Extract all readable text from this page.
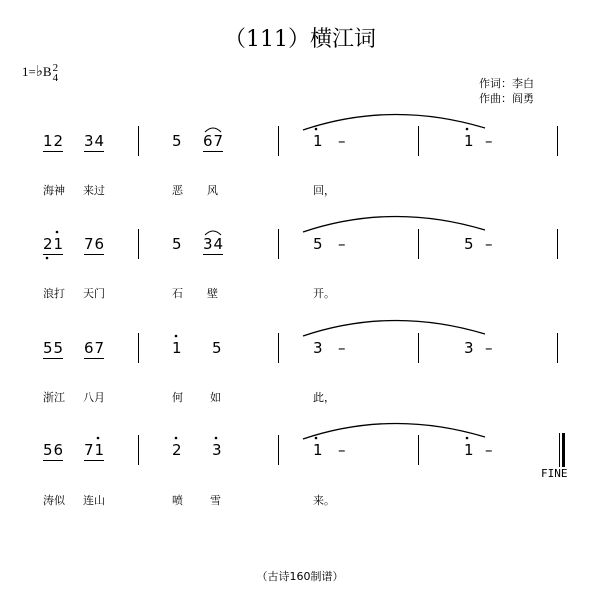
（111）横江词
1=♭B2
4	作词：李白
作曲：阎勇
12 34	5 67	1 –	1 –
海神 来过	恶 风	回，
21 76	5 34	5 –	5 –
浪打 天门	石 壁	开。
55 67	1 5	3 –	3 –
浙江 八月	何 如	此，
56 71	2 3	1 –	1 –
涛似 连山	喷 雪	来。
FINE
（古诗160制谱）
